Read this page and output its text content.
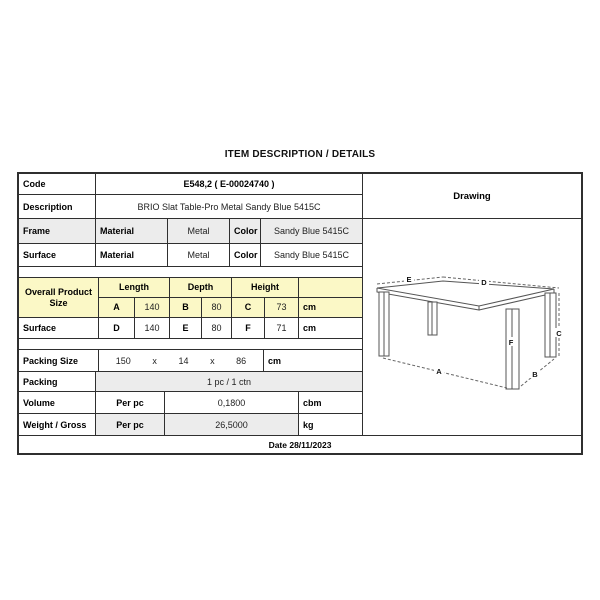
ITEM DESCRIPTION / DETAILS
Code	E548,2 ( E-00024740 )
Description	BRIO Slat Table-Pro Metal Sandy Blue 5415C
Frame	Material	Metal	Color	Sandy Blue 5415C
Surface	Material	Metal	Color	Sandy Blue 5415C
Overall Product Size
Length	Depth	Height
A	140	B	80	C	73	cm
Surface	D	140	E	80	F	71	cm
Packing Size	150 x 14 x 86	cm
Packing	1 pc / 1 ctn
Volume	Per pc	0,1800	cbm
Weight / Gross	Per pc	26,5000	kg
Drawing
E	D
A	B
C
F
Date 28/11/2023
